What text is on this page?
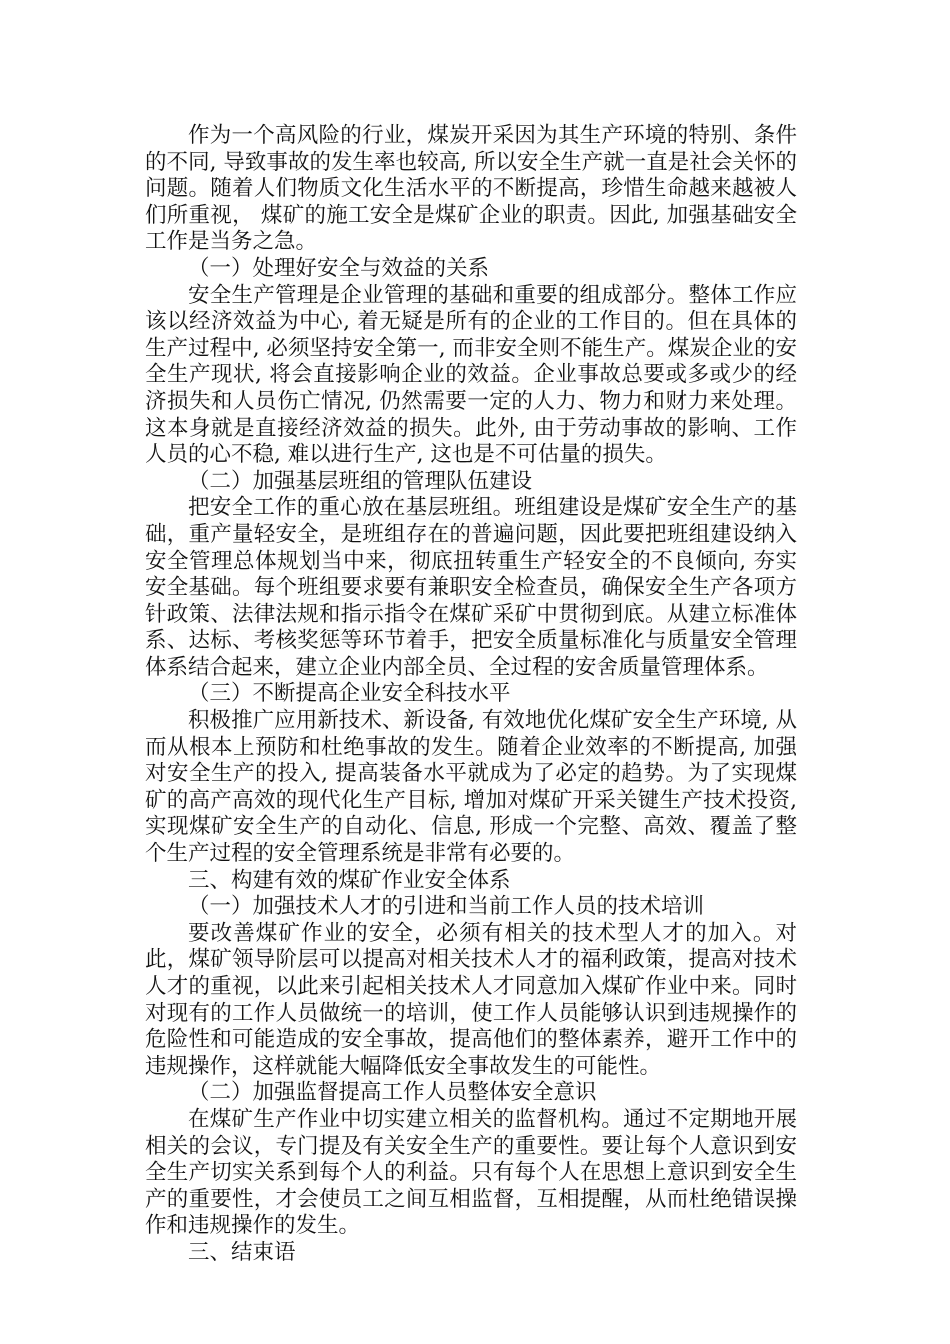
作为一个高风险的行业，煤炭开采因为其生产环境的特别、条件的不同, 导致事故的发生率也较高, 所以安全生产就一直是社会关怀的问题。随着人们物质文化生活水平的不断提高，珍惜生命越来越被人们所重视， 煤矿的施工安全是煤矿企业的职责。因此, 加强基础安全工作是当务之急。

（一）处理好安全与效益的关系

安全生产管理是企业管理的基础和重要的组成部分。整体工作应该以经济效益为中心, 着无疑是所有的企业的工作目的。但在具体的生产过程中, 必须坚持安全第一, 而非安全则不能生产。煤炭企业的安全生产现状, 将会直接影响企业的效益。企业事故总要或多或少的经济损失和人员伤亡情况, 仍然需要一定的人力、物力和财力来处理。这本身就是直接经济效益的损失。此外, 由于劳动事故的影响、工作人员的心不稳, 难以进行生产, 这也是不可估量的损失。

（二）加强基层班组的管理队伍建设

把安全工作的重心放在基层班组。班组建设是煤矿安全生产的基础，重产量轻安全，是班组存在的普遍问题，因此要把班组建设纳入安全管理总体规划当中来，彻底扭转重生产轻安全的不良倾向, 夯实安全基础。每个班组要求要有兼职安全检查员，确保安全生产各项方针政策、法律法规和指示指令在煤矿采矿中贯彻到底。从建立标准体系、达标、考核奖惩等环节着手，把安全质量标准化与质量安全管理体系结合起来，建立企业内部全员、全过程的安舍质量管理体系。

（三）不断提高企业安全科技水平

积极推广应用新技术、新设备, 有效地优化煤矿安全生产环境, 从而从根本上预防和杜绝事故的发生。随着企业效率的不断提高, 加强对安全生产的投入, 提高装备水平就成为了必定的趋势。为了实现煤矿的高产高效的现代化生产目标, 增加对煤矿开采关键生产技术投资, 实现煤矿安全生产的自动化、信息, 形成一个完整、高效、覆盖了整个生产过程的安全管理系统是非常有必要的。

三、构建有效的煤矿作业安全体系
（一）加强技术人才的引进和当前工作人员的技术培训

要改善煤矿作业的安全，必须有相关的技术型人才的加入。对此，煤矿领导阶层可以提高对相关技术人才的福利政策，提高对技术人才的重视，以此来引起相关技术人才同意加入煤矿作业中来。同时对现有的工作人员做统一的培训，使工作人员能够认识到违规操作的危险性和可能造成的安全事故，提高他们的整体素养，避开工作中的违规操作，这样就能大幅降低安全事故发生的可能性。

（二）加强监督提高工作人员整体安全意识

在煤矿生产作业中切实建立相关的监督机构。通过不定期地开展相关的会议，专门提及有关安全生产的重要性。要让每个人意识到安全生产切实关系到每个人的利益。只有每个人在思想上意识到安全生产的重要性，才会使员工之间互相监督，互相提醒，从而杜绝错误操作和违规操作的发生。

三、结束语
